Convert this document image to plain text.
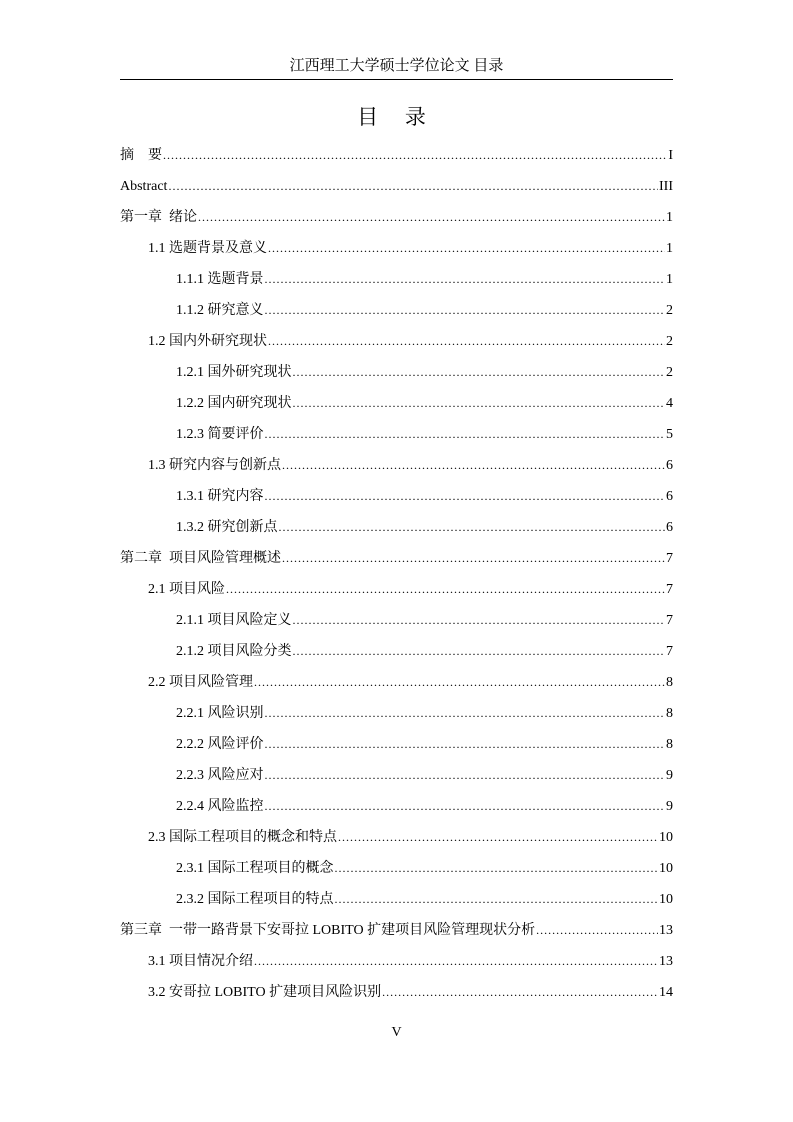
江西理工大学硕士学位论文 目录
目 录
摘    要 .....	I
Abstract .....	III
第一章  绪论 .....	1
1.1 选题背景及意义 .....	1
1.1.1 选题背景 .....	1
1.1.2 研究意义 .....	2
1.2 国内外研究现状 .....	2
1.2.1 国外研究现状 .....	2
1.2.2 国内研究现状 .....	4
1.2.3 简要评价 .....	5
1.3 研究内容与创新点 .....	6
1.3.1 研究内容 .....	6
1.3.2 研究创新点 .....	6
第二章  项目风险管理概述 .....	7
2.1 项目风险 .....	7
2.1.1 项目风险定义 .....	7
2.1.2 项目风险分类 .....	7
2.2 项目风险管理 .....	8
2.2.1 风险识别 .....	8
2.2.2 风险评价 .....	8
2.2.3 风险应对 .....	9
2.2.4 风险监控 .....	9
2.3 国际工程项目的概念和特点 .....	10
2.3.1 国际工程项目的概念 .....	10
2.3.2 国际工程项目的特点 .....	10
第三章  一带一路背景下安哥拉 LOBITO 扩建项目风险管理现状分析 .....	13
3.1 项目情况介绍 .....	13
3.2 安哥拉 LOBITO 扩建项目风险识别 .....	14
V
